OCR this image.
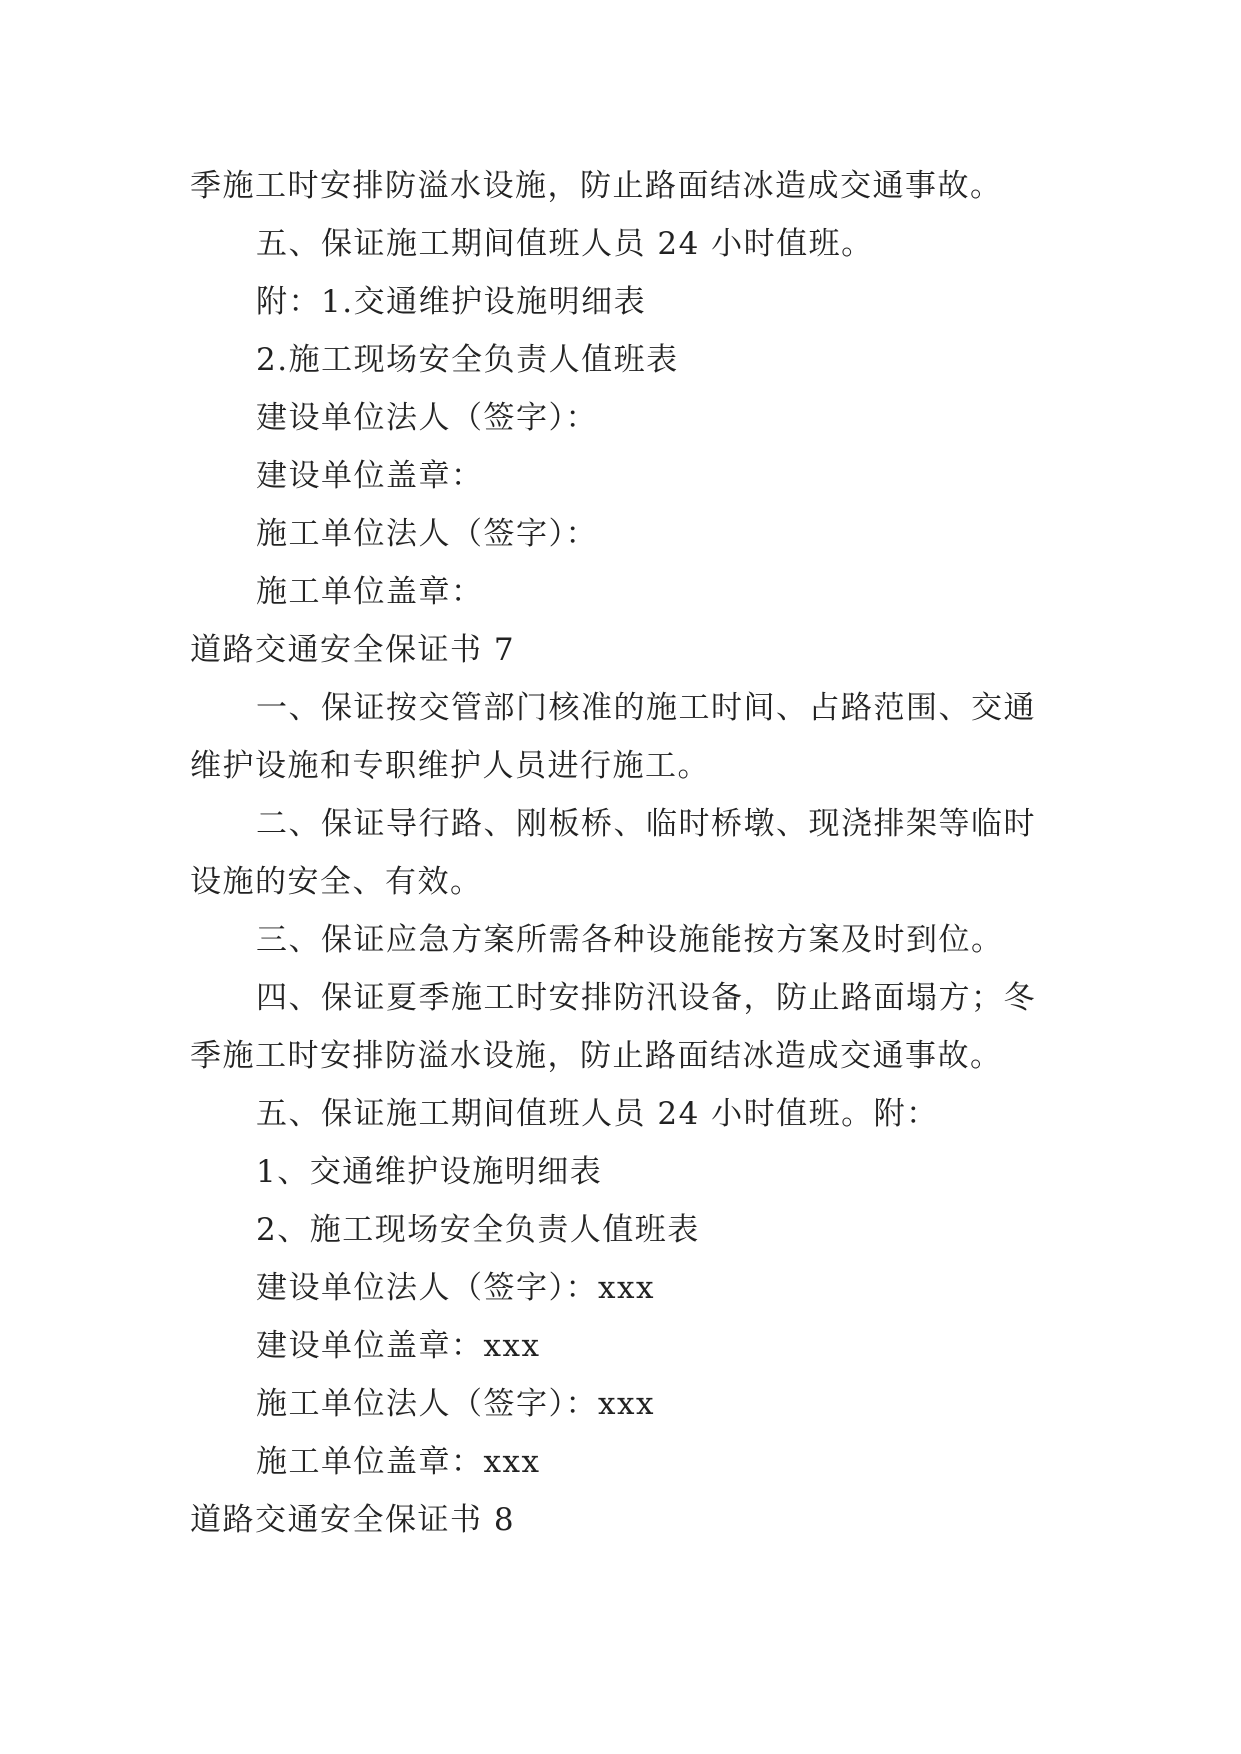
季施工时安排防溢水设施，防止路面结冰造成交通事故。
五、保证施工期间值班人员 24 小时值班。
附：1.交通维护设施明细表
2.施工现场安全负责人值班表
建设单位法人（签字）：
建设单位盖章：
施工单位法人（签字）：
施工单位盖章：
道路交通安全保证书 7
一、保证按交管部门核准的施工时间、占路范围、交通
维护设施和专职维护人员进行施工。
二、保证导行路、刚板桥、临时桥墩、现浇排架等临时
设施的安全、有效。
三、保证应急方案所需各种设施能按方案及时到位。
四、保证夏季施工时安排防汛设备，防止路面塌方；冬
季施工时安排防溢水设施，防止路面结冰造成交通事故。
五、保证施工期间值班人员 24 小时值班。附：
1、交通维护设施明细表
2、施工现场安全负责人值班表
建设单位法人（签字）：xxx
建设单位盖章：xxx
施工单位法人（签字）：xxx
施工单位盖章：xxx
道路交通安全保证书 8
